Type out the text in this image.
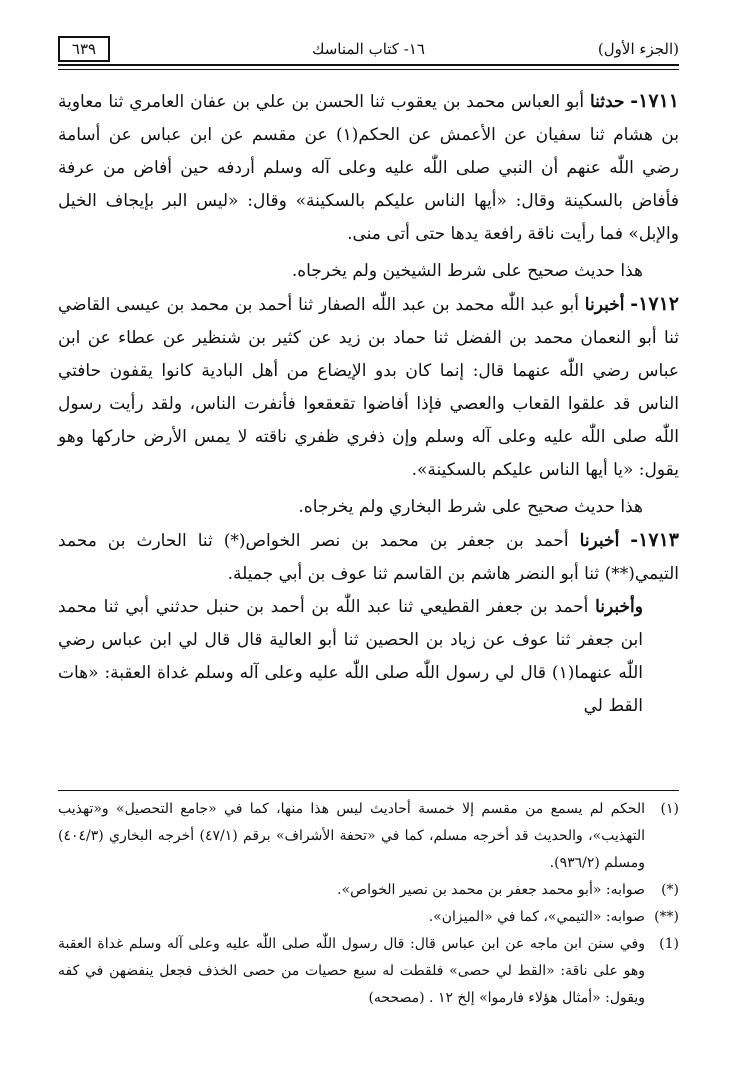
(الجزء الأول)
١٦- كتاب المناسك
٦٣٩

١٧١١- حدثنا أبو العباس محمد بن يعقوب ثنا الحسن بن علي بن عفان العامري ثنا معاوية بن هشام ثنا سفيان عن الأعمش عن الحكم(١) عن مقسم عن ابن عباس عن أسامة رضي اللّٰه عنهم أن النبي صلى اللّٰه عليه وعلى آله وسلم أردفه حين أفاض من عرفة فأفاض بالسكينة وقال: «أيها الناس عليكم بالسكينة» وقال: «ليس البر بإيجاف الخيل والإبل» فما رأيت ناقة رافعة يدها حتى أتى منى.

هذا حديث صحيح على شرط الشيخين ولم يخرجاه.

١٧١٢- أخبرنا أبو عبد اللّٰه محمد بن عبد اللّٰه الصفار ثنا أحمد بن محمد بن عيسى القاضي ثنا أبو النعمان محمد بن الفضل ثنا حماد بن زيد عن كثير بن شنظير عن عطاء عن ابن عباس رضي اللّٰه عنهما قال: إنما كان بدو الإيضاع من أهل البادية كانوا يقفون حافتي الناس قد علقوا القعاب والعصي فإذا أفاضوا تقعقعوا فأنفرت الناس، ولقد رأيت رسول اللّٰه صلى اللّٰه عليه وعلى آله وسلم وإن ذفري ظفري ناقته لا يمس الأرض حاركها وهو يقول: «يا أيها الناس عليكم بالسكينة».

هذا حديث صحيح على شرط البخاري ولم يخرجاه.

١٧١٣- أخبرنا أحمد بن جعفر بن محمد بن نصر الخواص(*) ثنا الحارث بن محمد التيمي(**) ثنا أبو النضر هاشم بن القاسم ثنا عوف بن أبي جميلة.

وأخبرنا أحمد بن جعفر القطيعي ثنا عبد اللّٰه بن أحمد بن حنبل حدثني أبي ثنا محمد ابن جعفر ثنا عوف عن زياد بن الحصين ثنا أبو العالية قال قال لي ابن عباس رضي اللّٰه عنهما(١) قال لي رسول اللّٰه صلى اللّٰه عليه وعلى آله وسلم غداة العقبة: «هات القط لي

(١)
الحكم لم يسمع من مقسم إلا خمسة أحاديث ليس هذا منها، كما في «جامع التحصيل» و«تهذيب التهذيب»، والحديث قد أخرجه مسلم، كما في «تحفة الأشراف» برقم (٤٧/١) أخرجه البخاري (٤٠٤/٣) ومسلم (٩٣٦/٢).
(*)
صوابه: «أبو محمد جعفر بن محمد بن نصير الخواص».
(**)
صوابه: «التيمي»، كما في «الميزان».
(1)
وفي سنن ابن ماجه عن ابن عباس قال: قال رسول اللّٰه صلى اللّٰه عليه وعلى آله وسلم غداة العقبة وهو على ناقة: «القط لي حصى» فلقطت له سبع حصيات من حصى الخذف فجعل ينفضهن في كفه ويقول: «أمثال هؤلاء فارموا» إلخ ١٢ . (مصححه)
